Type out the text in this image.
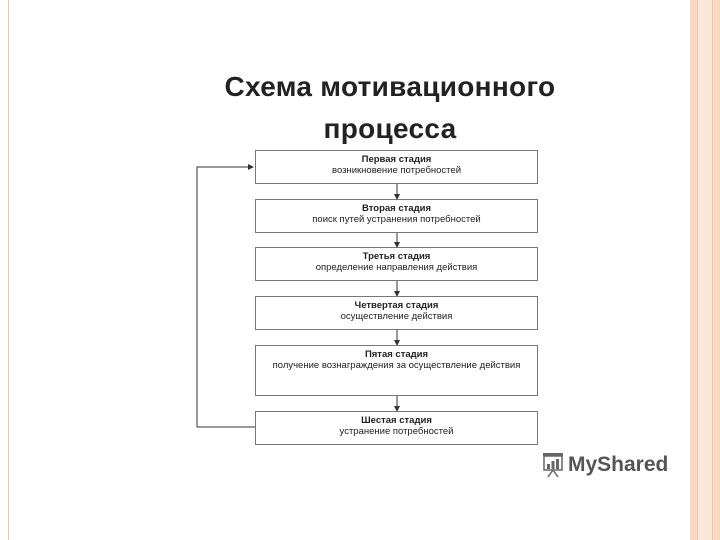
Схема мотивационного
процесса
Первая стадия
возникновение потребностей
Вторая стадия
поиск путей устранения потребностей
Третья стадия
определение направления действия
Четвертая стадия
осуществление действия
Пятая стадия
получение вознаграждения за осуществление действия
Шестая стадия
устранение потребностей
MyShared
